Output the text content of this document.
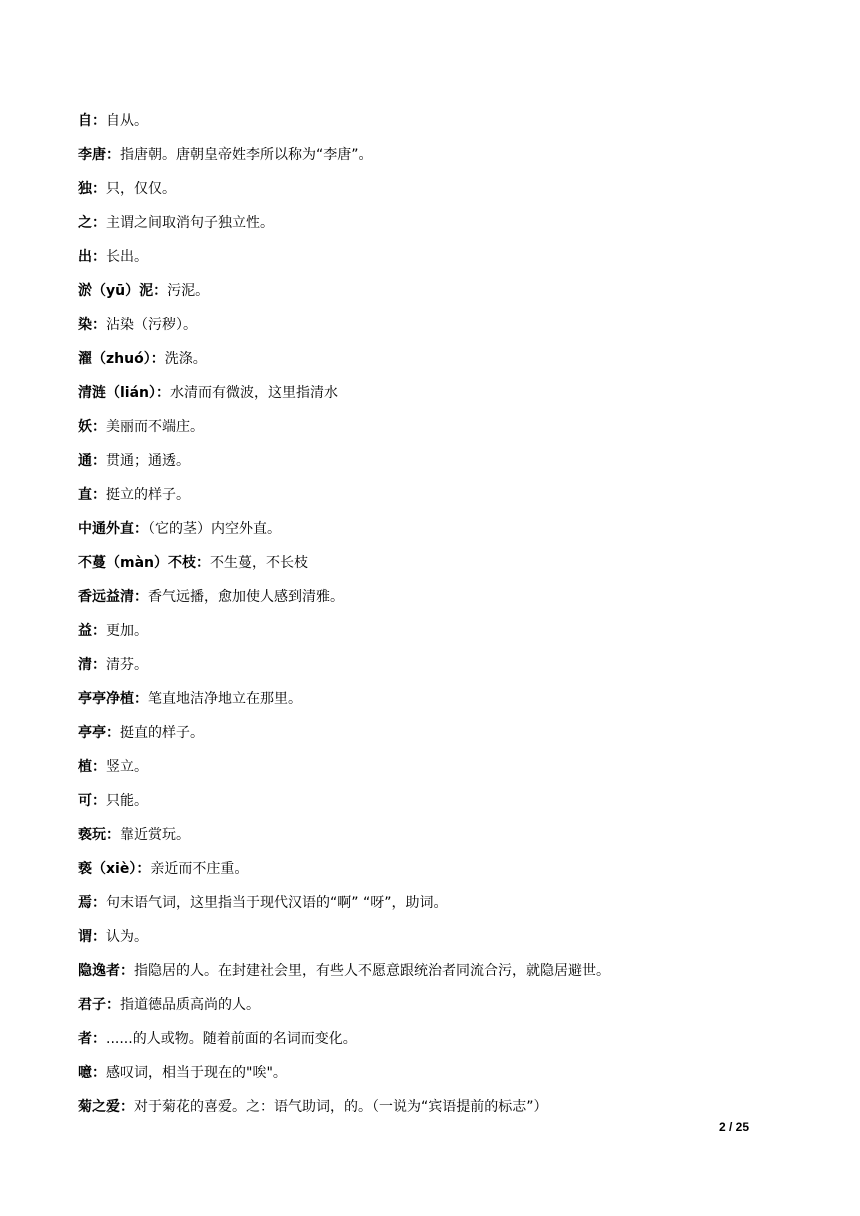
自：自从。
李唐：指唐朝。唐朝皇帝姓李所以称为“李唐”。
独：只，仅仅。
之：主谓之间取消句子独立性。
出：长出。
淤（yū）泥：污泥。
染：沾染（污秽）。
濯（zhuó）：洗涤。
清涟（lián）：水清而有微波，这里指清水
妖：美丽而不端庄。
通：贯通；通透。
直：挺立的样子。
中通外直：（它的茎）内空外直。
不蔓（màn）不枝：不生蔓，不长枝
香远益清：香气远播，愈加使人感到清雅。
益：更加。
清：清芬。
亭亭净植：笔直地洁净地立在那里。
亭亭：挺直的样子。
植：竖立。
可：只能。
亵玩：靠近赏玩。
亵（xiè）：亲近而不庄重。
焉：句末语气词，这里指当于现代汉语的“啊” “呀”，助词。
谓：认为。
隐逸者：指隐居的人。在封建社会里，有些人不愿意跟统治者同流合污，就隐居避世。
君子：指道德品质高尚的人。
者：......的人或物。随着前面的名词而变化。
噫：感叹词，相当于现在的"唉"。
菊之爱：对于菊花的喜爱。之：语气助词，的。（一说为“宾语提前的标志”）
2 / 25
